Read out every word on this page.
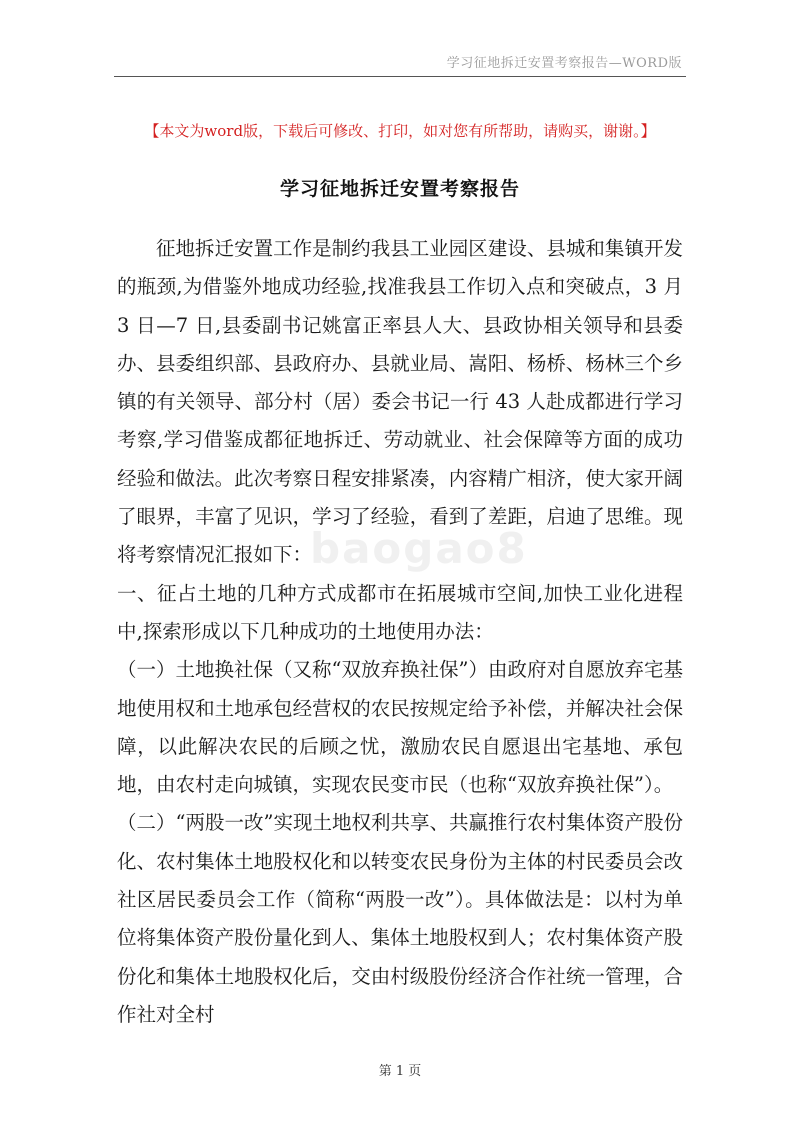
学习征地拆迁安置考察报告—WORD版
【本文为word版，下载后可修改、打印，如对您有所帮助，请购买，谢谢。】
学习征地拆迁安置考察报告

征地拆迁安置工作是制约我县工业园区建设、县城和集镇开发的瓶颈,为借鉴外地成功经验,找准我县工作切入点和突破点，3 月 3 日—7 日,县委副书记姚富正率县人大、县政协相关领导和县委办、县委组织部、县政府办、县就业局、嵩阳、杨桥、杨林三个乡镇的有关领导、部分村（居）委会书记一行 43 人赴成都进行学习考察,学习借鉴成都征地拆迁、劳动就业、社会保障等方面的成功经验和做法。此次考察日程安排紧凑，内容精广相济，使大家开阔了眼界，丰富了见识，学习了经验，看到了差距，启迪了思维。现将考察情况汇报如下：

一、征占土地的几种方式成都市在拓展城市空间,加快工业化进程中,探索形成以下几种成功的土地使用办法：

（一）土地换社保（又称“双放弃换社保”）由政府对自愿放弃宅基地使用权和土地承包经营权的农民按规定给予补偿，并解决社会保障，以此解决农民的后顾之忧，激励农民自愿退出宅基地、承包地，由农村走向城镇，实现农民变市民（也称“双放弃换社保”）。

（二）“两股一改”实现土地权利共享、共赢推行农村集体资产股份化、农村集体土地股权化和以转变农民身份为主体的村民委员会改社区居民委员会工作（简称“两股一改”）。具体做法是：以村为单位将集体资产股份量化到人、集体土地股权到人；农村集体资产股份化和集体土地股权化后，交由村级股份经济合作社统一管理，合作社对全村

baogao8
第 1 页
